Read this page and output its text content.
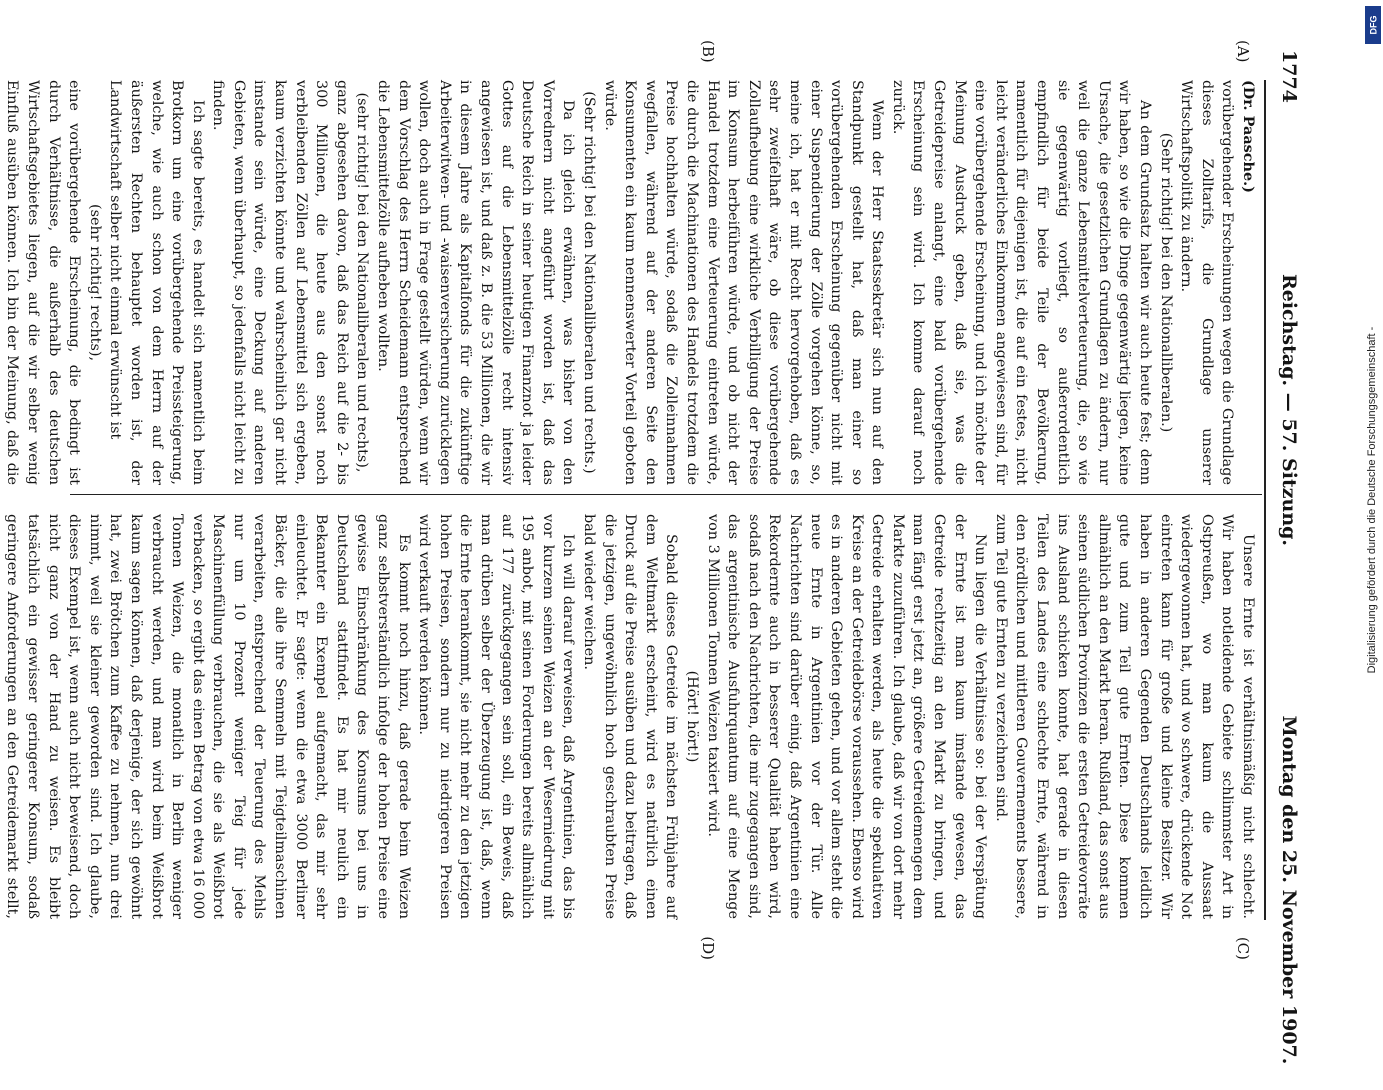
1774
Reichstag. — 57. Sitzung.
Montag den 25. November 1907.
(A)
(B)
(C)
(D)

(Dr. Paasche.)

vorübergehender Erscheinungen wegen die Grundlage dieses Zolltarifs, die Grundlage unserer Wirtschaftspolitik zu ändern.

(Sehr richtig! bei den Nationalliberalen.)

An dem Grundsatz halten wir auch heute fest; denn wir haben, so wie die Dinge gegenwärtig liegen, keine Ursache, die gesetzlichen Grundlagen zu ändern, nur weil die ganze Lebensmittelverteuerung, die, so wie sie gegenwärtig vorliegt, so außerordentlich empfindlich für beide Teile der Bevölkerung, namentlich für diejenigen ist, die auf ein festes, nicht leicht veränderliches Einkommen angewiesen sind, für eine vorübergehende Erscheinung, und ich möchte der Meinung Ausdruck geben, daß sie, was die Getreidepreise anlangt, eine bald vorübergehende Erscheinung sein wird. Ich komme darauf noch zurück.

Wenn der Herr Staatssekretär sich nun auf den Standpunkt gestellt hat, daß man einer so vorübergehenden Erscheinung gegenüber nicht mit einer Suspendierung der Zölle vorgehen könne, so, meine ich, hat er mit Recht hervorgehoben, daß es sehr zweifelhaft wäre, ob diese vorübergehende Zollaufhebung eine wirkliche Verbilligung der Preise im Konsum herbeiführen würde, und ob nicht der Handel trotzdem eine Verteuerung eintreten würde, die durch die Machinationen des Handels trotzdem die Preise hochhalten würde, sodaß die Zolleinnahmen wegfallen, während auf der anderen Seite den Konsumenten ein kaum nennenswerter Vorteil geboten würde.

(Sehr richtig! bei den Nationalliberalen und rechts.)

Da ich gleich erwähnen, was bisher von den Vorrednern nicht angeführt worden ist, daß das Deutsche Reich in seiner heutigen Finanznot ja leider Gottes auf die Lebensmittelzölle recht intensiv angewiesen ist, und daß z. B. die 53 Millionen, die wir in diesem Jahre als Kapitalfonds für die zukünftige Arbeiterwitwen- und -waisenversicherung zurücklegen wollen, doch auch in Frage gestellt würden, wenn wir dem Vorschlag des Herrn Scheidemann entsprechend die Lebensmittelzölle aufheben wollten.

(sehr richtig! bei den Nationalliberalen und rechts),

ganz abgesehen davon, daß das Reich auf die 2- bis 300 Millionen, die heute aus den sonst noch verbleibenden Zöllen auf Lebensmittel sich ergeben, kaum verzichten könnte und wahrscheinlich gar nicht imstande sein würde, eine Deckung auf anderen Gebieten, wenn überhaupt, so jedenfalls nicht leicht zu finden.

Ich sagte bereits, es handelt sich namentlich beim Brotkorn um eine vorübergehende Preissteigerung, welche, wie auch schon von dem Herrn auf der äußersten Rechten behauptet worden ist, der Landwirtschaft selber nicht einmal erwünscht ist

(sehr richtig! rechts),

eine vorübergehende Erscheinung, die bedingt ist durch Verhältnisse, die außerhalb des deutschen Wirtschaftsgebietes liegen, auf die wir selber wenig Einfluß ausüben können. Ich bin der Meinung, daß die

Unsere Ernte ist verhältnismäßig nicht schlecht. Wir haben notleidende Gebiete schlimmster Art in Ostpreußen, wo man kaum die Aussaat wiedergewonnen hat, und wo schwere, drückende Not eintreten kann für große und kleine Besitzer. Wir haben in anderen Gegenden Deutschlands leidlich gute und zum Teil gute Ernten. Diese kommen allmählich an den Markt heran. Rußland, das sonst aus seinen südlichen Provinzen die ersten Getreidevorräte ins Ausland schicken konnte, hat gerade in diesen Teilen des Landes eine schlechte Ernte, während in den nördlichen und mittleren Gouvernements bessere, zum Teil gute Ernten zu verzeichnen sind.

Nun liegen die Verhältnisse so: bei der Verspätung der Ernte ist man kaum imstande gewesen, das Getreide rechtzeitig an den Markt zu bringen, und man fängt erst jetzt an, größere Getreidemengen dem Markte zuzuführen. Ich glaube, daß wir von dort mehr Getreide erhalten werden, als heute die spekulativen Kreise an der Getreidebörse voraussehen. Ebenso wird es in anderen Gebieten gehen, und vor allem steht die neue Ernte in Argentinien vor der Tür. Alle Nachrichten sind darüber einig, daß Argentinien eine Rekordernte auch in besserer Qualität haben wird, sodaß nach den Nachrichten, die mir zugegangen sind, das argentinische Ausfuhrquantum auf eine Menge von 3 Millionen Tonnen Weizen taxiert wird.

(Hört! hört!)

Sobald dieses Getreide im nächsten Frühjahre auf dem Weltmarkt erscheint, wird es natürlich einen Druck auf die Preise ausüben und dazu beitragen, daß die jetzigen, ungewöhnlich hoch geschraubten Preise bald wieder weichen.

Ich will darauf verweisen, daß Argentinien, das bis vor kurzem seinen Weizen an der Weserniedrung mit 195 anbot, mit seinen Forderungen bereits allmählich auf 177 zurückgegangen sein soll, ein Beweis, daß man drüben selber der Überzeugung ist, daß, wenn die Ernte herankommt, sie nicht mehr zu den jetzigen hohen Preisen, sondern nur zu niedrigeren Preisen wird verkauft werden können.

Es kommt noch hinzu, daß gerade beim Weizen ganz selbstverständlich infolge der hohen Preise eine gewisse Einschränkung des Konsums bei uns in Deutschland stattfindet. Es hat mir neulich ein Bekannter ein Exempel aufgemacht, das mir sehr einleuchtet. Er sagte: wenn die etwa 3000 Berliner Bäcker, die alle ihre Semmeln mit Teigteilmaschinen verarbeiten, entsprechend der Teuerung des Mehls nur um 10 Prozent weniger Teig für jede Maschinenfüllung verbrauchen, die sie als Weißbrot verbacken, so ergibt das einen Betrag von etwa 16 000 Tonnen Weizen, die monatlich in Berlin weniger verbraucht werden, und man wird beim Weißbrot kaum sagen können, daß derjenige, der sich gewöhnt hat, zwei Brötchen zum Kaffee zu nehmen, nun drei nimmt, weil sie kleiner geworden sind. Ich glaube, dieses Exempel ist, wenn auch nicht beweisend, doch nicht ganz von der Hand zu weisen. Es bleibt tatsächlich ein gewisser geringerer Konsum, sodaß geringere Anforderungen an den Getreidemarkt stellt,

DFG
Digitalisierung gefördert durch die Deutsche Forschungsgemeinschaft -
